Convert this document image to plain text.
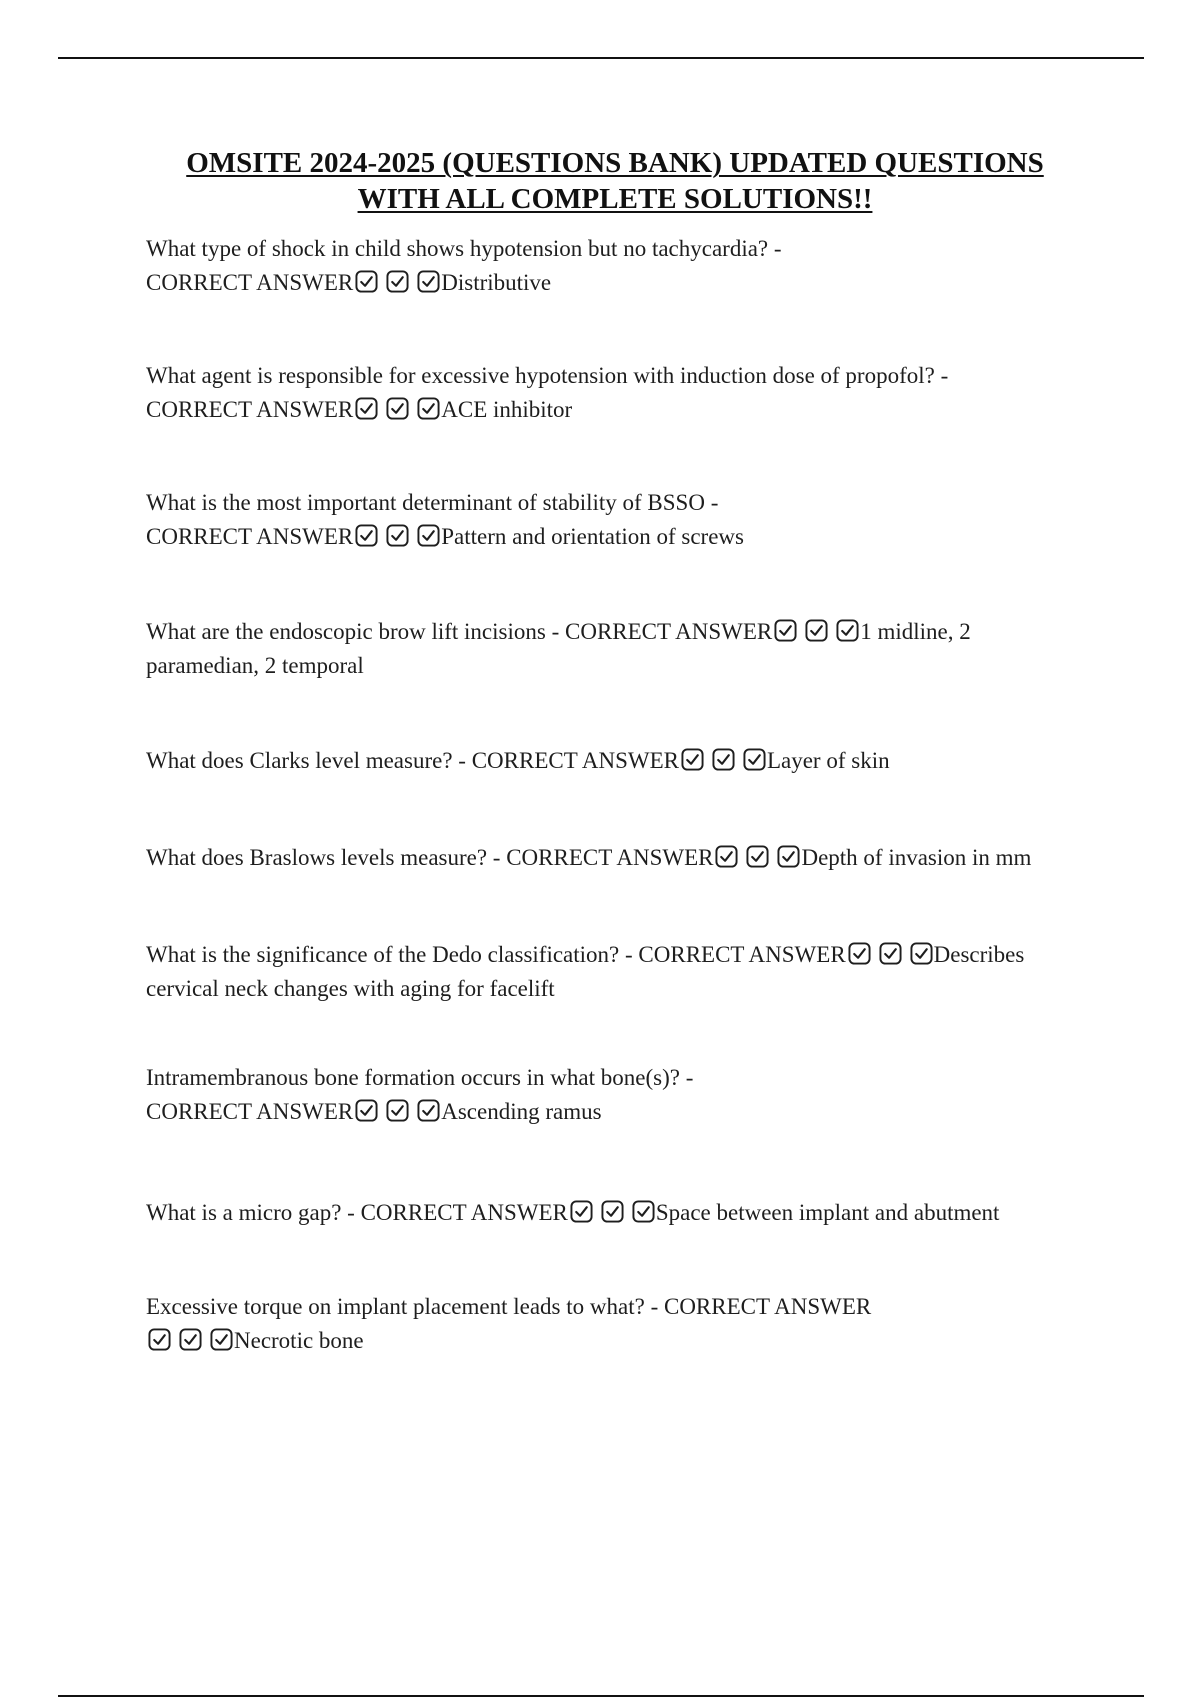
OMSITE 2024-2025 (QUESTIONS BANK) UPDATED QUESTIONS
WITH ALL COMPLETE SOLUTIONS!!
What type of shock in child shows hypotension but no tachycardia? - CORRECT ANSWER	Distributive
What agent is responsible for excessive hypotension with induction dose of propofol? - CORRECT ANSWER	ACE inhibitor
What is the most important determinant of stability of BSSO - CORRECT ANSWER	Pattern and orientation of screws
What are the endoscopic brow lift incisions - CORRECT ANSWER	1 midline, 2 paramedian, 2 temporal
What does Clarks level measure? - CORRECT ANSWER	Layer of skin
What does Braslows levels measure? - CORRECT ANSWER	Depth of invasion in mm
What is the significance of the Dedo classification? - CORRECT ANSWER	Describes cervical neck changes with aging for facelift
Intramembranous bone formation occurs in what bone(s)? - CORRECT ANSWER	Ascending ramus
What is a micro gap? - CORRECT ANSWER	Space between implant and abutment
Excessive torque on implant placement leads to what? - CORRECT ANSWER
Necrotic bone
